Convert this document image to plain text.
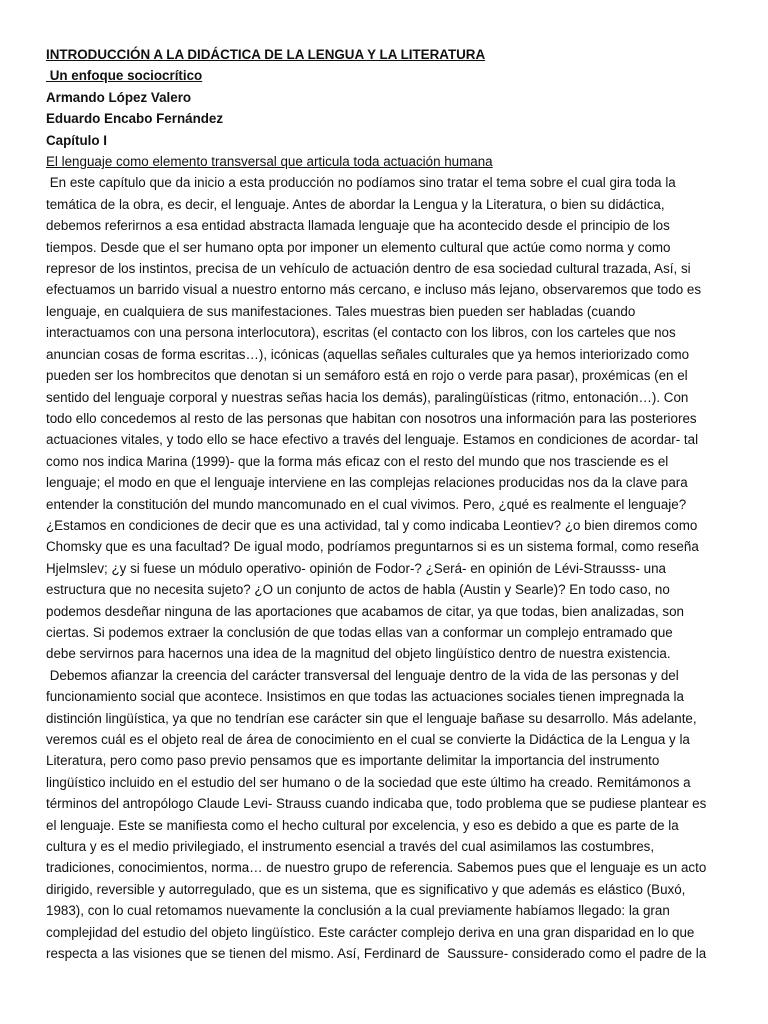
INTRODUCCIÓN A LA DIDÁCTICA DE LA LENGUA Y LA LITERATURA
Un enfoque sociocrítico
Armando López Valero
Eduardo Encabo Fernández
Capítulo I
El lenguaje como elemento transversal que articula toda actuación humana
En este capítulo que da inicio a esta producción no podíamos sino tratar el tema sobre el cual gira toda la
temática de la obra, es decir, el lenguaje. Antes de abordar la Lengua y la Literatura, o bien su didáctica,
debemos referirnos a esa entidad abstracta llamada lenguaje que ha acontecido desde el principio de los
tiempos. Desde que el ser humano opta por imponer un elemento cultural que actúe como norma y como
represor de los instintos, precisa de un vehículo de actuación dentro de esa sociedad cultural trazada, Así, si
efectuamos un barrido visual a nuestro entorno más cercano, e incluso más lejano, observaremos que todo es
lenguaje, en cualquiera de sus manifestaciones. Tales muestras bien pueden ser habladas (cuando
interactuamos con una persona interlocutora), escritas (el contacto con los libros, con los carteles que nos
anuncian cosas de forma escritas…), icónicas (aquellas señales culturales que ya hemos interiorizado como
pueden ser los hombrecitos que denotan si un semáforo está en rojo o verde para pasar), proxémicas (en el
sentido del lenguaje corporal y nuestras señas hacia los demás), paralingüísticas (ritmo, entonación…). Con
todo ello concedemos al resto de las personas que habitan con nosotros una información para las posteriores
actuaciones vitales, y todo ello se hace efectivo a través del lenguaje. Estamos en condiciones de acordar- tal
como nos indica Marina (1999)- que la forma más eficaz con el resto del mundo que nos trasciende es el
lenguaje; el modo en que el lenguaje interviene en las complejas relaciones producidas nos da la clave para
entender la constitución del mundo mancomunado en el cual vivimos. Pero, ¿qué es realmente el lenguaje?
¿Estamos en condiciones de decir que es una actividad, tal y como indicaba Leontiev? ¿o bien diremos como
Chomsky que es una facultad? De igual modo, podríamos preguntarnos si es un sistema formal, como reseña
Hjelmslev; ¿y si fuese un módulo operativo- opinión de Fodor-? ¿Será- en opinión de Lévi-Strausss- una
estructura que no necesita sujeto? ¿O un conjunto de actos de habla (Austin y Searle)? En todo caso, no
podemos desdeñar ninguna de las aportaciones que acabamos de citar, ya que todas, bien analizadas, son
ciertas. Si podemos extraer la conclusión de que todas ellas van a conformar un complejo entramado que
debe servirnos para hacernos una idea de la magnitud del objeto lingüístico dentro de nuestra existencia.
Debemos afianzar la creencia del carácter transversal del lenguaje dentro de la vida de las personas y del
funcionamiento social que acontece. Insistimos en que todas las actuaciones sociales tienen impregnada la
distinción lingüística, ya que no tendrían ese carácter sin que el lenguaje bañase su desarrollo. Más adelante,
veremos cuál es el objeto real de área de conocimiento en el cual se convierte la Didáctica de la Lengua y la
Literatura, pero como paso previo pensamos que es importante delimitar la importancia del instrumento
lingüístico incluido en el estudio del ser humano o de la sociedad que este último ha creado. Remitámonos a
términos del antropólogo Claude Levi- Strauss cuando indicaba que, todo problema que se pudiese plantear es
el lenguaje. Este se manifiesta como el hecho cultural por excelencia, y eso es debido a que es parte de la
cultura y es el medio privilegiado, el instrumento esencial a través del cual asimilamos las costumbres,
tradiciones, conocimientos, norma… de nuestro grupo de referencia. Sabemos pues que el lenguaje es un acto
dirigido, reversible y autorregulado, que es un sistema, que es significativo y que además es elástico (Buxó,
1983), con lo cual retomamos nuevamente la conclusión a la cual previamente habíamos llegado: la gran
complejidad del estudio del objeto lingüístico. Este carácter complejo deriva en una gran disparidad en lo que
respecta a las visiones que se tienen del mismo. Así, Ferdinard de  Saussure- considerado como el padre de la
